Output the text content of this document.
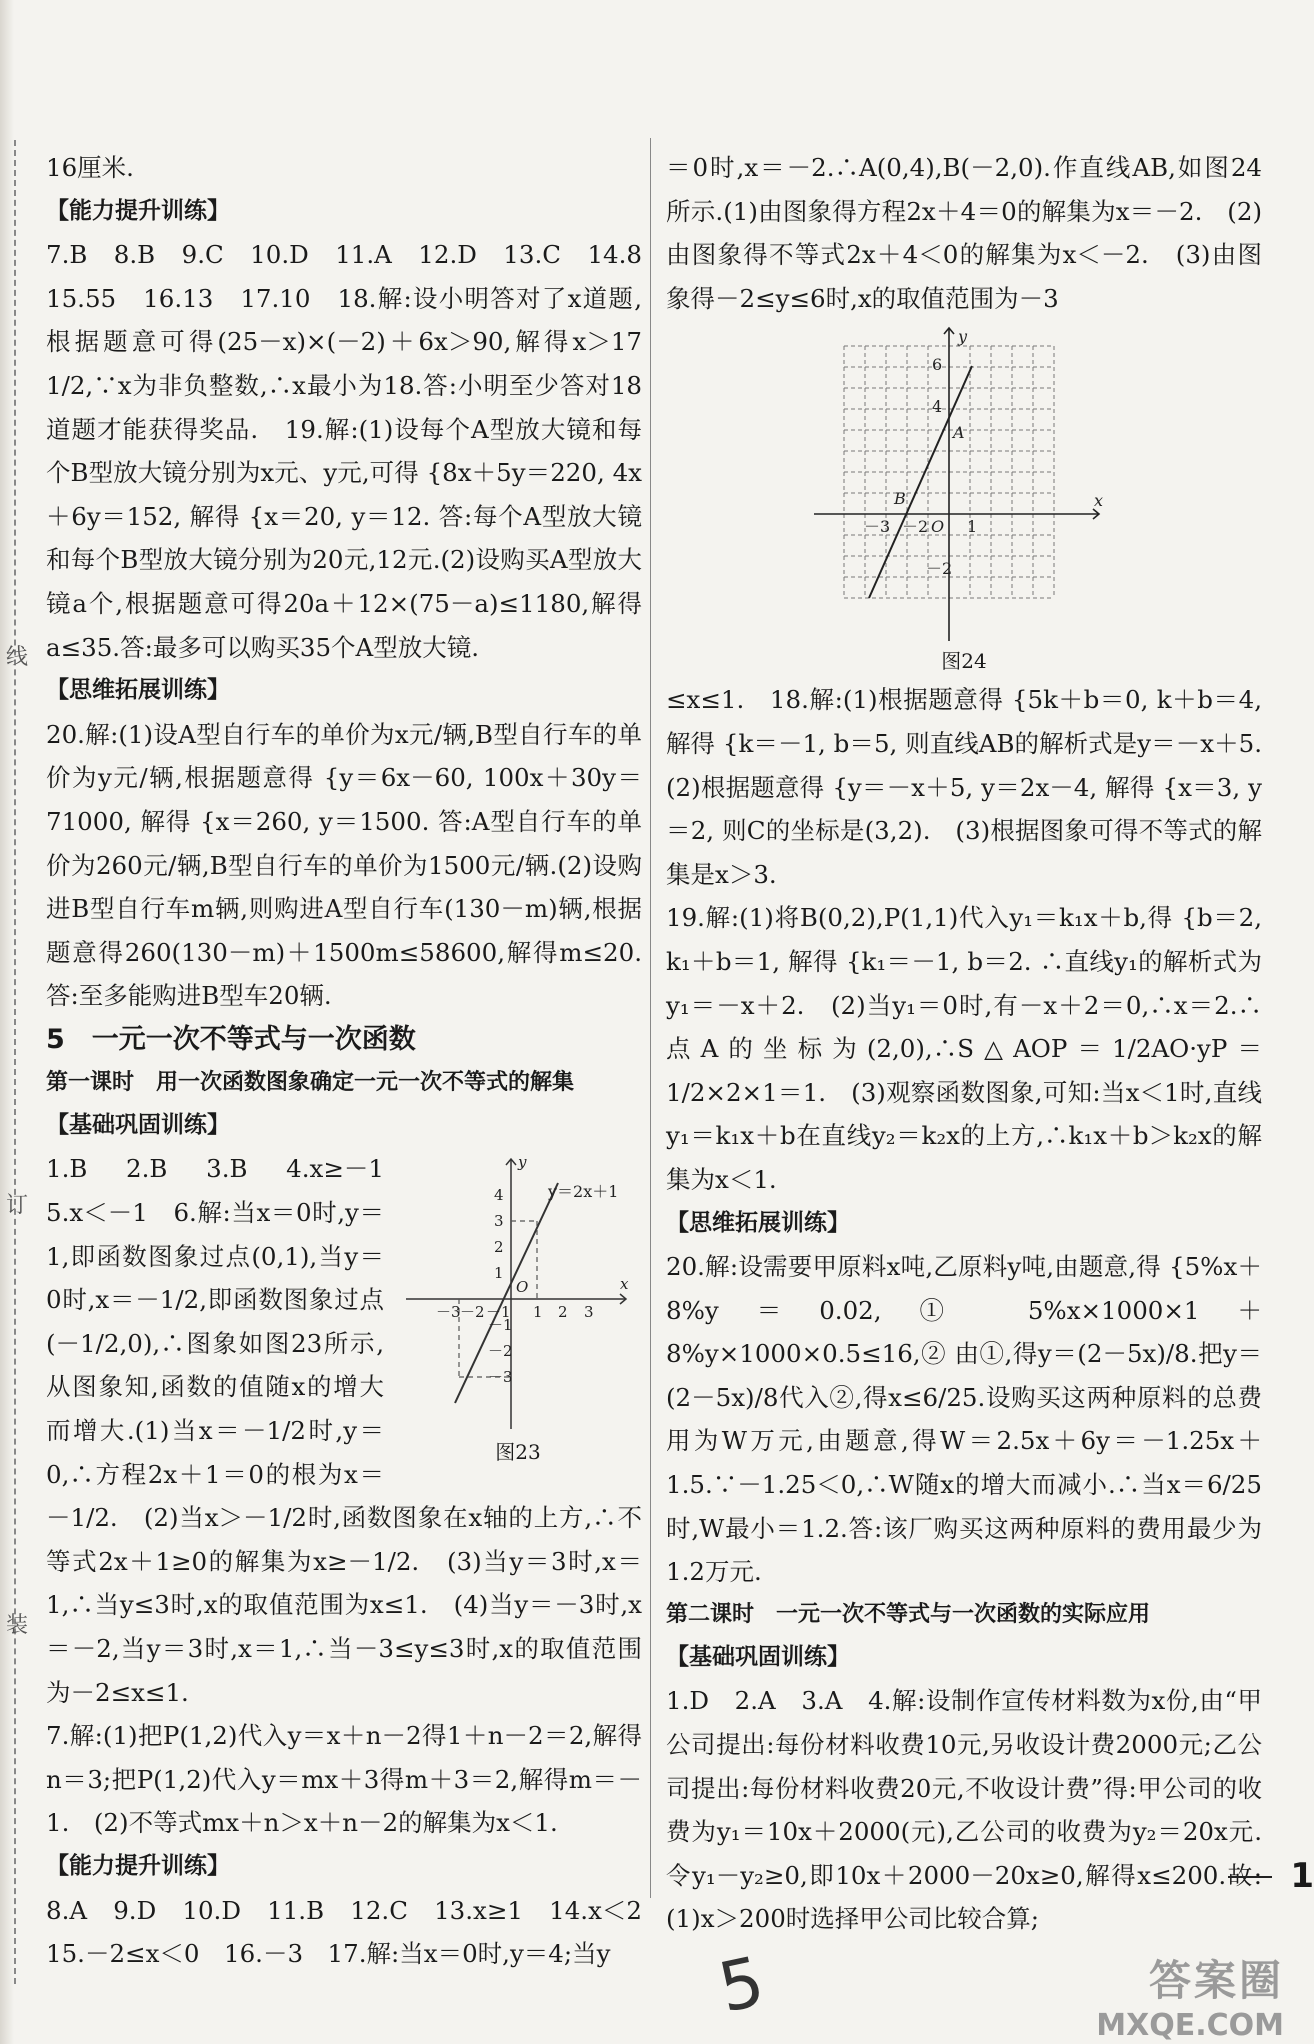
线
订
装

16厘米.

【能力提升训练】

7.B　8.B　9.C　10.D　11.A　12.D　13.C　14.8　15.55　16.13　17.10　18.解:设小明答对了x道题,根据题意可得(25－x)×(－2)＋6x＞90,解得x＞17 1/2,∵x为非负整数,∴x最小为18.答:小明至少答对18道题才能获得奖品.　19.解:(1)设每个A型放大镜和每个B型放大镜分别为x元、y元,可得 {8x＋5y＝220, 4x＋6y＝152, 解得 {x＝20, y＝12. 答:每个A型放大镜和每个B型放大镜分别为20元,12元.(2)设购买A型放大镜a个,根据题意可得20a＋12×(75－a)≤1180,解得a≤35.答:最多可以购买35个A型放大镜.

【思维拓展训练】

20.解:(1)设A型自行车的单价为x元/辆,B型自行车的单价为y元/辆,根据题意得 {y＝6x－60, 100x＋30y＝71000, 解得 {x＝260, y＝1500. 答:A型自行车的单价为260元/辆,B型自行车的单价为1500元/辆.(2)设购进B型自行车m辆,则购进A型自行车(130－m)辆,根据题意得260(130－m)＋1500m≤58600,解得m≤20.答:至多能购进B型车20辆.

5　一元一次不等式与一次函数

第一课时　用一次函数图象确定一元一次不等式的解集

【基础巩固训练】

－3 －2 －1 1 2 3
4
3
2
1
－1
－2
－3
O	x
y
y＝2x＋1
图23

1.B　2.B　3.B　4.x≥－1　5.x＜－1　6.解:当x＝0时,y＝1,即函数图象过点(0,1),当y＝0时,x＝－1/2,即函数图象过点(－1/2,0),∴图象如图23所示,从图象知,函数的值随x的增大而增大.(1)当x＝－1/2时,y＝0,∴方程2x＋1＝0的根为x＝－1/2.　(2)当x＞－1/2时,函数图象在x轴的上方,∴不等式2x＋1≥0的解集为x≥－1/2.　(3)当y＝3时,x＝1,∴当y≤3时,x的取值范围为x≤1.　(4)当y＝－3时,x＝－2,当y＝3时,x＝1,∴当－3≤y≤3时,x的取值范围为－2≤x≤1.

7.解:(1)把P(1,2)代入y＝x＋n－2得1＋n－2＝2,解得n＝3;把P(1,2)代入y＝mx＋3得m＋3＝2,解得m＝－1.　(2)不等式mx＋n＞x＋n－2的解集为x＜1.

【能力提升训练】

8.A　9.D　10.D　11.B　12.C　13.x≥1　14.x＜2　15.－2≤x＜0　16.－3　17.解:当x＝0时,y＝4;当y

＝0时,x＝－2.∴A(0,4),B(－2,0).作直线AB,如图24所示.(1)由图象得方程2x＋4＝0的解集为x＝－2.　(2)由图象得不等式2x＋4＜0的解集为x＜－2.　(3)由图象得－2≤y≤6时,x的取值范围为－3

－3 －2 1
6
4
－2
O
A
B	x
y
图24

≤x≤1.　18.解:(1)根据题意得 {5k＋b＝0, k＋b＝4, 解得 {k＝－1, b＝5, 则直线AB的解析式是y＝－x＋5.　(2)根据题意得 {y＝－x＋5, y＝2x－4, 解得 {x＝3, y＝2, 则C的坐标是(3,2).　(3)根据图象可得不等式的解集是x＞3.

19.解:(1)将B(0,2),P(1,1)代入y₁＝k₁x＋b,得 {b＝2, k₁＋b＝1, 解得 {k₁＝－1, b＝2. ∴直线y₁的解析式为y₁＝－x＋2.　(2)当y₁＝0时,有－x＋2＝0,∴x＝2.∴点A的坐标为(2,0),∴S△AOP＝1/2AO·yP＝1/2×2×1＝1.　(3)观察函数图象,可知:当x＜1时,直线y₁＝k₁x＋b在直线y₂＝k₂x的上方,∴k₁x＋b＞k₂x的解集为x＜1.

【思维拓展训练】

20.解:设需要甲原料x吨,乙原料y吨,由题意,得 {5%x＋8%y＝0.02,① 5%x×1000×1＋8%y×1000×0.5≤16,② 由①,得y＝(2－5x)/8.把y＝(2－5x)/8代入②,得x≤6/25.设购买这两种原料的总费用为W万元,由题意,得W＝2.5x＋6y＝－1.25x＋1.5.∵－1.25＜0,∴W随x的增大而减小.∴当x＝6/25时,W最小＝1.2.答:该厂购买这两种原料的费用最少为1.2万元.

第二课时　一元一次不等式与一次函数的实际应用

【基础巩固训练】

1.D　2.A　3.A　4.解:设制作宣传材料数为x份,由“甲公司提出:每份材料收费10元,另收设计费2000元;乙公司提出:每份材料收费20元,不收设计费”得:甲公司的收费为y₁＝10x＋2000(元),乙公司的收费为y₂＝20x元.令y₁－y₂≥0,即10x＋2000－20x≥0,解得x≤200.故:(1)x＞200时选择甲公司比较合算;

1
5	答案圈
MXQE.COM
